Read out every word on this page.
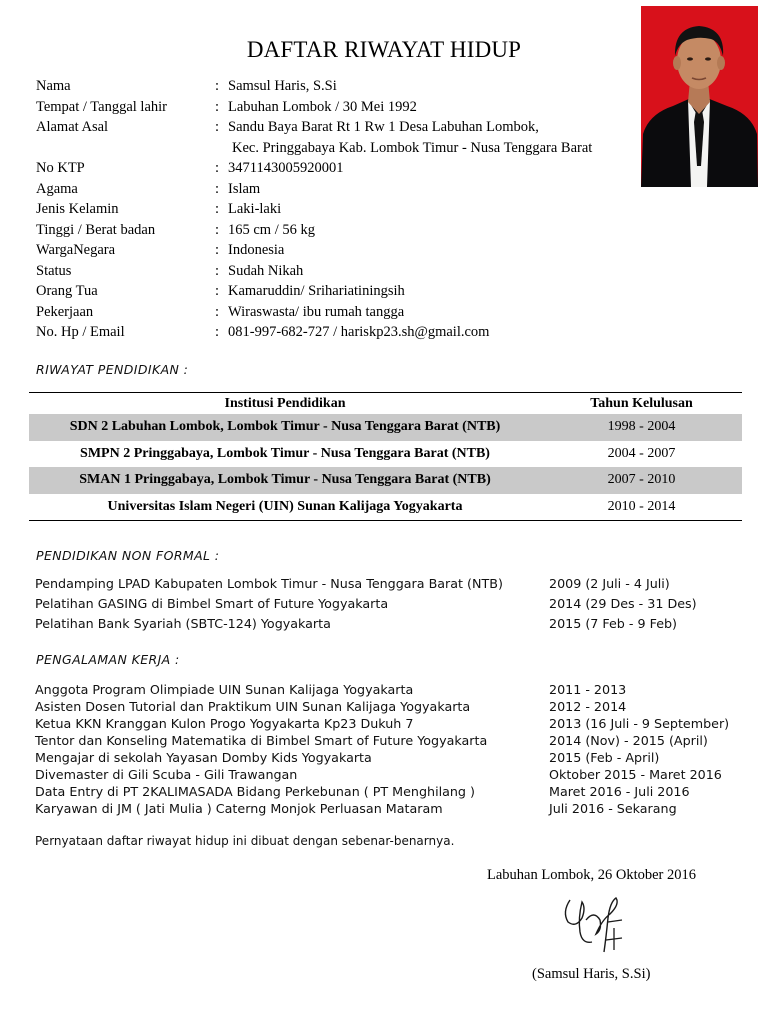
DAFTAR RIWAYAT HIDUP
Nama	: Samsul Haris, S.Si
Tempat / Tanggal lahir	: Labuhan Lombok / 30 Mei 1992
Alamat Asal	: Sandu Baya Barat Rt 1 Rw 1 Desa Labuhan Lombok,
Kec. Pringgabaya Kab. Lombok Timur - Nusa Tenggara Barat
No KTP	: 3471143005920001
Agama	: Islam
Jenis Kelamin	: Laki-laki
Tinggi / Berat badan	: 165 cm / 56 kg
WargaNegara	: Indonesia
Status	: Sudah Nikah
Orang Tua	: Kamaruddin/ Srihariatiningsih
Pekerjaan	: Wiraswasta/ ibu rumah tangga
No. Hp / Email	: 081-997-682-727 / hariskp23.sh@gmail.com
RIWAYAT PENDIDIKAN :
Institusi Pendidikan	Tahun Kelulusan
SDN 2 Labuhan Lombok, Lombok Timur - Nusa Tenggara Barat (NTB)	1998 - 2004
SMPN 2 Pringgabaya, Lombok Timur - Nusa Tenggara Barat (NTB)	2004 - 2007
SMAN 1 Pringgabaya, Lombok Timur - Nusa Tenggara Barat (NTB)	2007 - 2010
Universitas Islam Negeri (UIN) Sunan Kalijaga Yogyakarta	2010 - 2014
PENDIDIKAN NON FORMAL :
Pendamping LPAD Kabupaten Lombok Timur - Nusa Tenggara Barat (NTB)	2009 (2 Juli - 4 Juli)
Pelatihan GASING di Bimbel Smart of Future Yogyakarta	2014 (29 Des - 31 Des)
Pelatihan Bank Syariah (SBTC-124) Yogyakarta	2015 (7 Feb - 9 Feb)
PENGALAMAN KERJA :
Anggota Program Olimpiade UIN Sunan Kalijaga Yogyakarta	2011 - 2013
Asisten Dosen Tutorial dan Praktikum UIN Sunan Kalijaga Yogyakarta	2012 - 2014
Ketua KKN Kranggan Kulon Progo Yogyakarta Kp23 Dukuh 7	2013 (16 Juli - 9 September)
Tentor dan Konseling Matematika di Bimbel Smart of Future Yogyakarta	2014 (Nov) - 2015 (April)
Mengajar di sekolah Yayasan Domby Kids Yogyakarta	2015 (Feb - April)
Divemaster di Gili Scuba - Gili Trawangan	Oktober 2015 - Maret 2016
Data Entry di PT 2KALIMASADA Bidang Perkebunan ( PT Menghilang )	Maret 2016 - Juli 2016
Karyawan di JM ( Jati Mulia ) Caterng Monjok Perluasan Mataram	Juli 2016 - Sekarang
Pernyataan daftar riwayat hidup ini dibuat dengan sebenar-benarnya.
Labuhan Lombok, 26 Oktober 2016
(Samsul Haris, S.Si)
